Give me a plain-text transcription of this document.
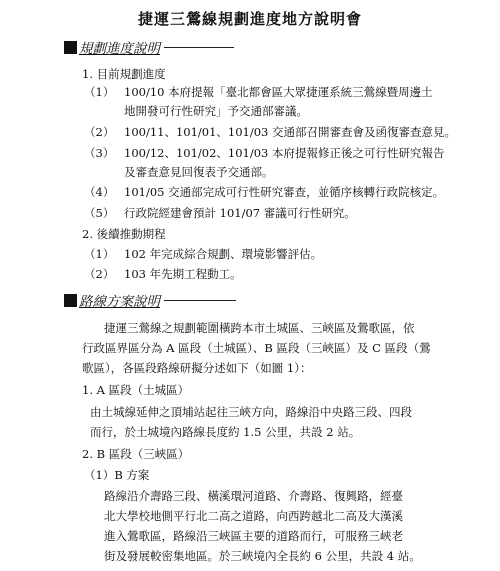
捷運三鶯線規劃進度地方說明會
規劃進度說明
1. 目前規劃進度
（1） 100/10 本府提報「臺北都會區大眾捷運系統三鶯線暨周邊土
地開發可行性研究」予交通部審議。
（2） 100/11、101/01、101/03 交通部召開審查會及函復審查意見。
（3） 100/12、101/02、101/03 本府提報修正後之可行性研究報告
及審查意見回復表予交通部。
（4） 101/05 交通部完成可行性研究審查，並循序核轉行政院核定。
（5） 行政院經建會預計 101/07 審議可行性研究。
2. 後續推動期程
（1） 102 年完成綜合規劃、環境影響評估。
（2） 103 年先期工程動工。
路線方案說明
捷運三鶯線之規劃範圍橫跨本市土城區、三峽區及鶯歌區，依
行政區界區分為 A 區段（土城區）、B 區段（三峽區）及 C 區段（鶯
歌區），各區段路線研擬分述如下（如圖 1）：
1. A 區段（土城區）
由土城線延伸之頂埔站起往三峽方向，路線沿中央路三段、四段
而行，於土城境內路線長度約 1.5 公里，共設 2 站。
2. B 區段（三峽區）
（1）B 方案
路線沿介壽路三段、橫溪環河道路、介壽路、復興路，經臺
北大學校地側平行北二高之道路，向西跨越北二高及大漢溪
進入鶯歌區，路線沿三峽區主要的道路而行，可服務三峽老
街及發展較密集地區。於三峽境內全長約 6 公里，共設 4 站。
